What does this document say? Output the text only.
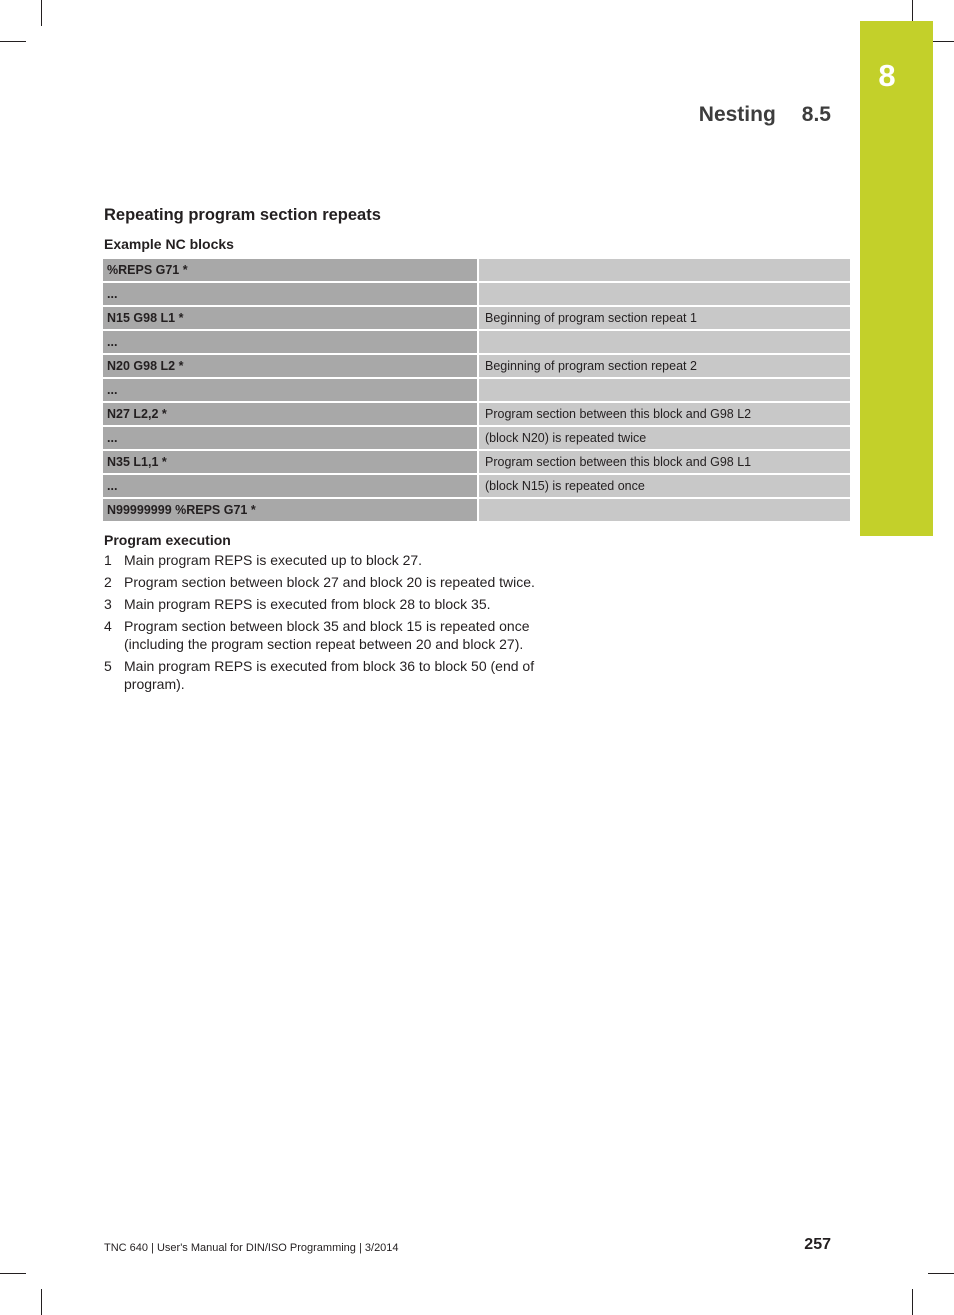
8
Nesting 8.5
Repeating program section repeats
Example NC blocks
%REPS G71 *	
...	
N15 G98 L1 *	Beginning of program section repeat 1
...	
N20 G98 L2 *	Beginning of program section repeat 2
...	
N27 L2,2 *	Program section between this block and G98 L2
...	(block N20) is repeated twice
N35 L1,1 *	Program section between this block and G98 L1
...	(block N15) is repeated once
N99999999 %REPS G71 *	
Program execution
1 Main program REPS is executed up to block 27.
2 Program section between block 27 and block 20 is repeated twice.
3 Main program REPS is executed from block 28 to block 35.
4 Program section between block 35 and block 15 is repeated once (including the program section repeat between 20 and block 27).
5 Main program REPS is executed from block 36 to block 50 (end of program).
TNC 640 | User's Manual for DIN/ISO Programming | 3/2014	257
